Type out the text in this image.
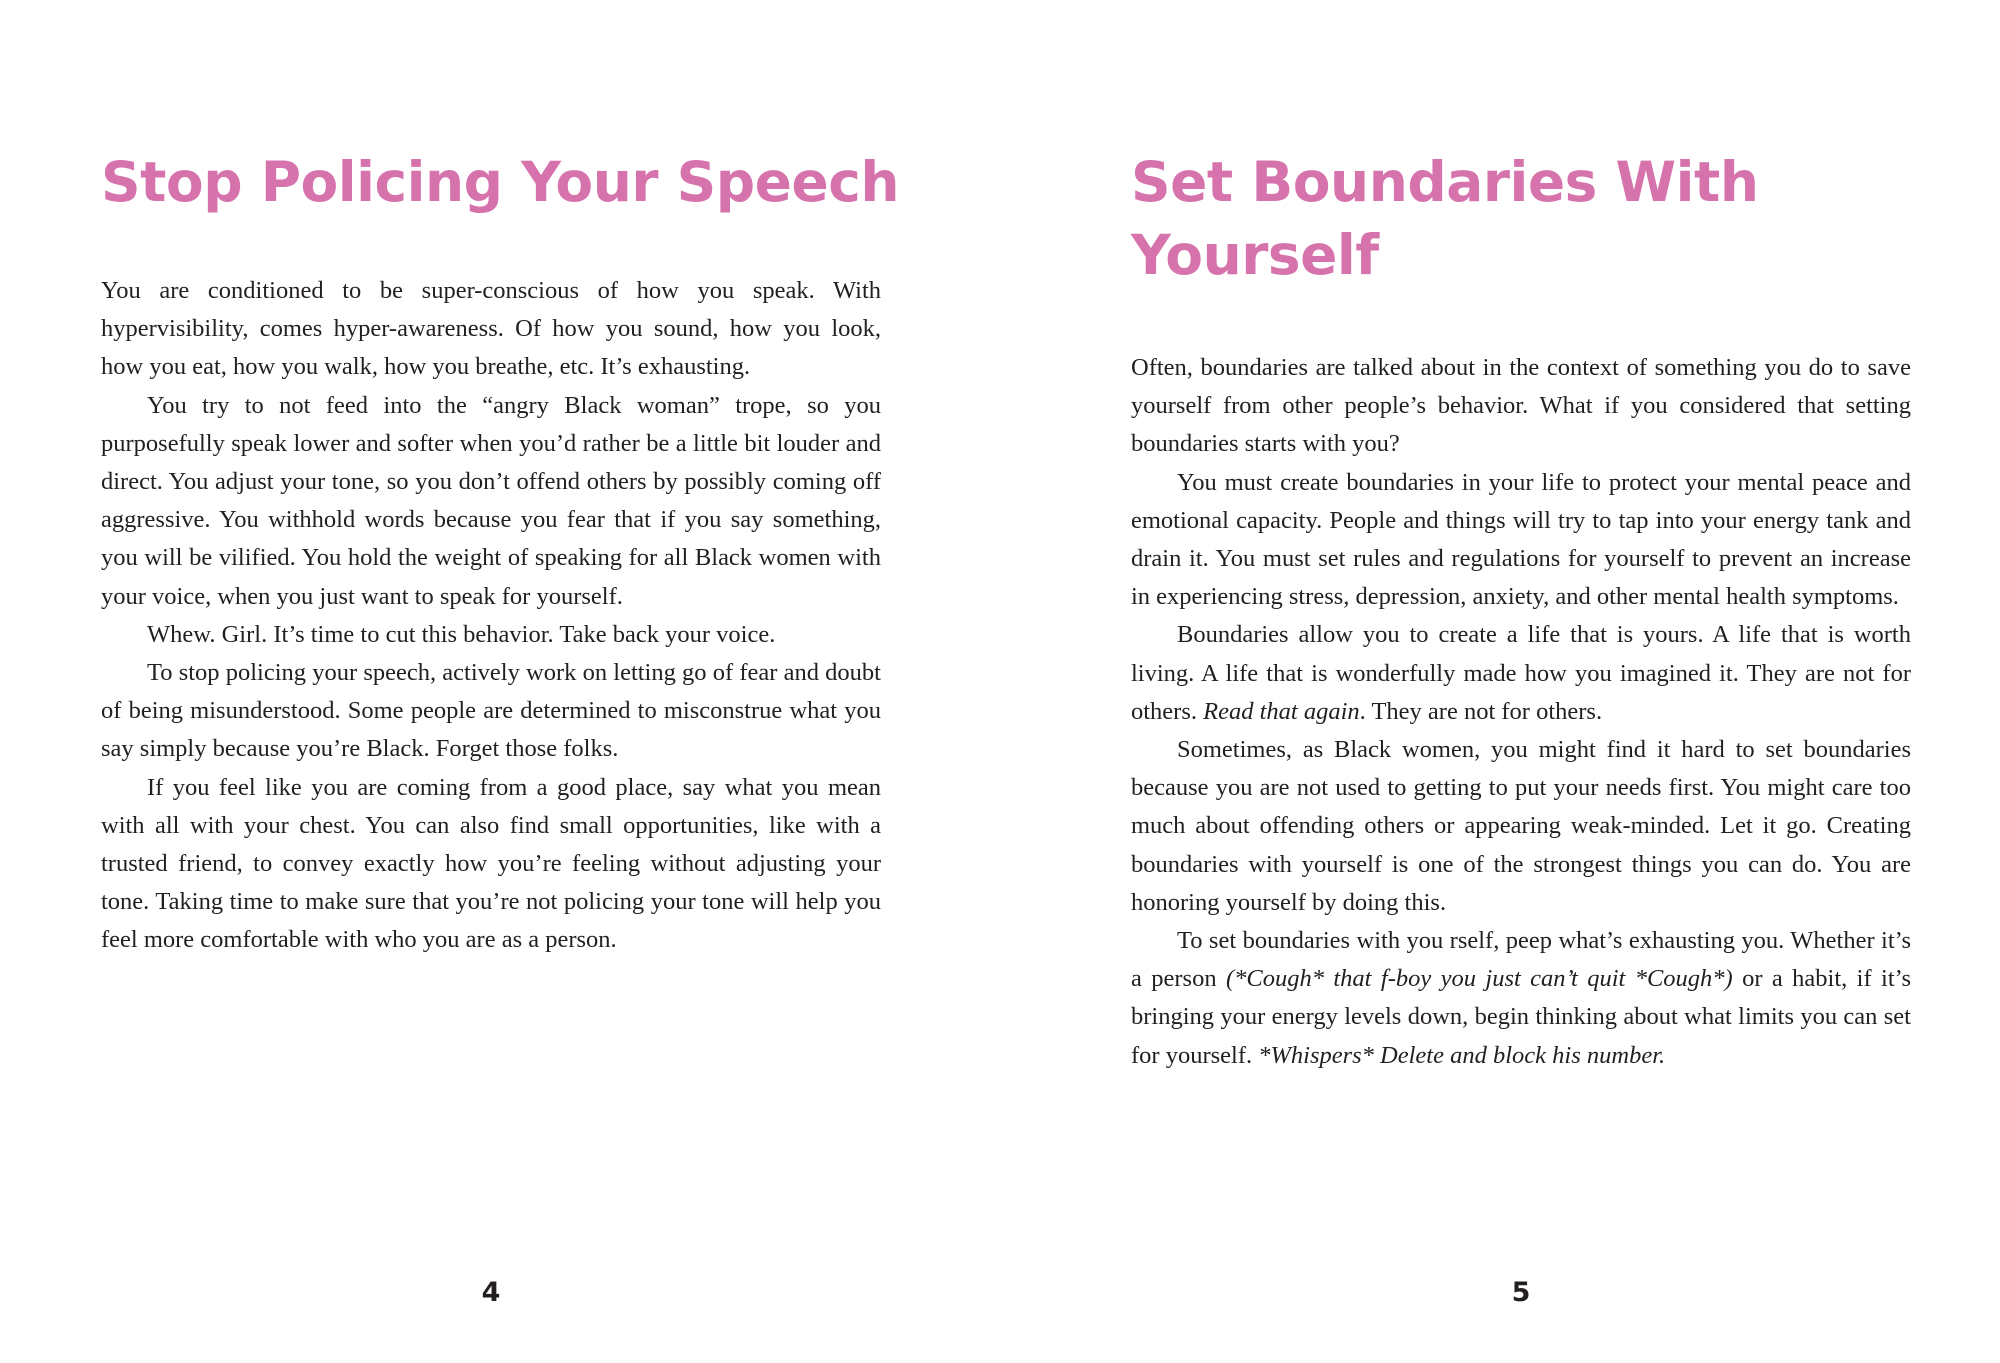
Stop Policing Your Speech

You are conditioned to be super-conscious of how you speak. With hypervisibility, comes hyper-awareness. Of how you sound, how you look, how you eat, how you walk, how you breathe, etc. It’s exhausting.

You try to not feed into the “angry Black woman” trope, so you purposefully speak lower and softer when you’d rather be a little bit louder and direct. You adjust your tone, so you don’t offend others by possibly coming off aggressive. You withhold words because you fear that if you say something, you will be vilified. You hold the weight of speaking for all Black women with your voice, when you just want to speak for yourself.

Whew. Girl. It’s time to cut this behavior. Take back your voice.

To stop policing your speech, actively work on letting go of fear and doubt of being misunderstood. Some people are determined to misconstrue what you say simply because you’re Black. Forget those folks.

If you feel like you are coming from a good place, say what you mean with all with your chest. You can also find small opportunities, like with a trusted friend, to convey exactly how you’re feeling without adjusting your tone. Taking time to make sure that you’re not policing your tone will help you feel more comfortable with who you are as a person.

4
Set Boundaries With Yourself

Often, boundaries are talked about in the context of something you do to save yourself from other people’s behavior. What if you considered that setting boundaries starts with you?

You must create boundaries in your life to protect your mental peace and emotional capacity. People and things will try to tap into your energy tank and drain it. You must set rules and regulations for yourself to prevent an increase in experiencing stress, depression, anxiety, and other mental health symptoms.

Boundaries allow you to create a life that is yours. A life that is worth living. A life that is wonderfully made how you imagined it. They are not for others. Read that again. They are not for others.

Sometimes, as Black women, you might find it hard to set boundaries because you are not used to getting to put your needs first. You might care too much about offending others or appearing weak-minded. Let it go. Creating boundaries with yourself is one of the strongest things you can do. You are honoring yourself by doing this.

To set boundaries with you rself, peep what’s exhausting you. Whether it’s a person (*Cough* that f-boy you just can’t quit *Cough*) or a habit, if it’s bringing your energy levels down, begin thinking about what limits you can set for yourself. *Whispers* Delete and block his number.

5
